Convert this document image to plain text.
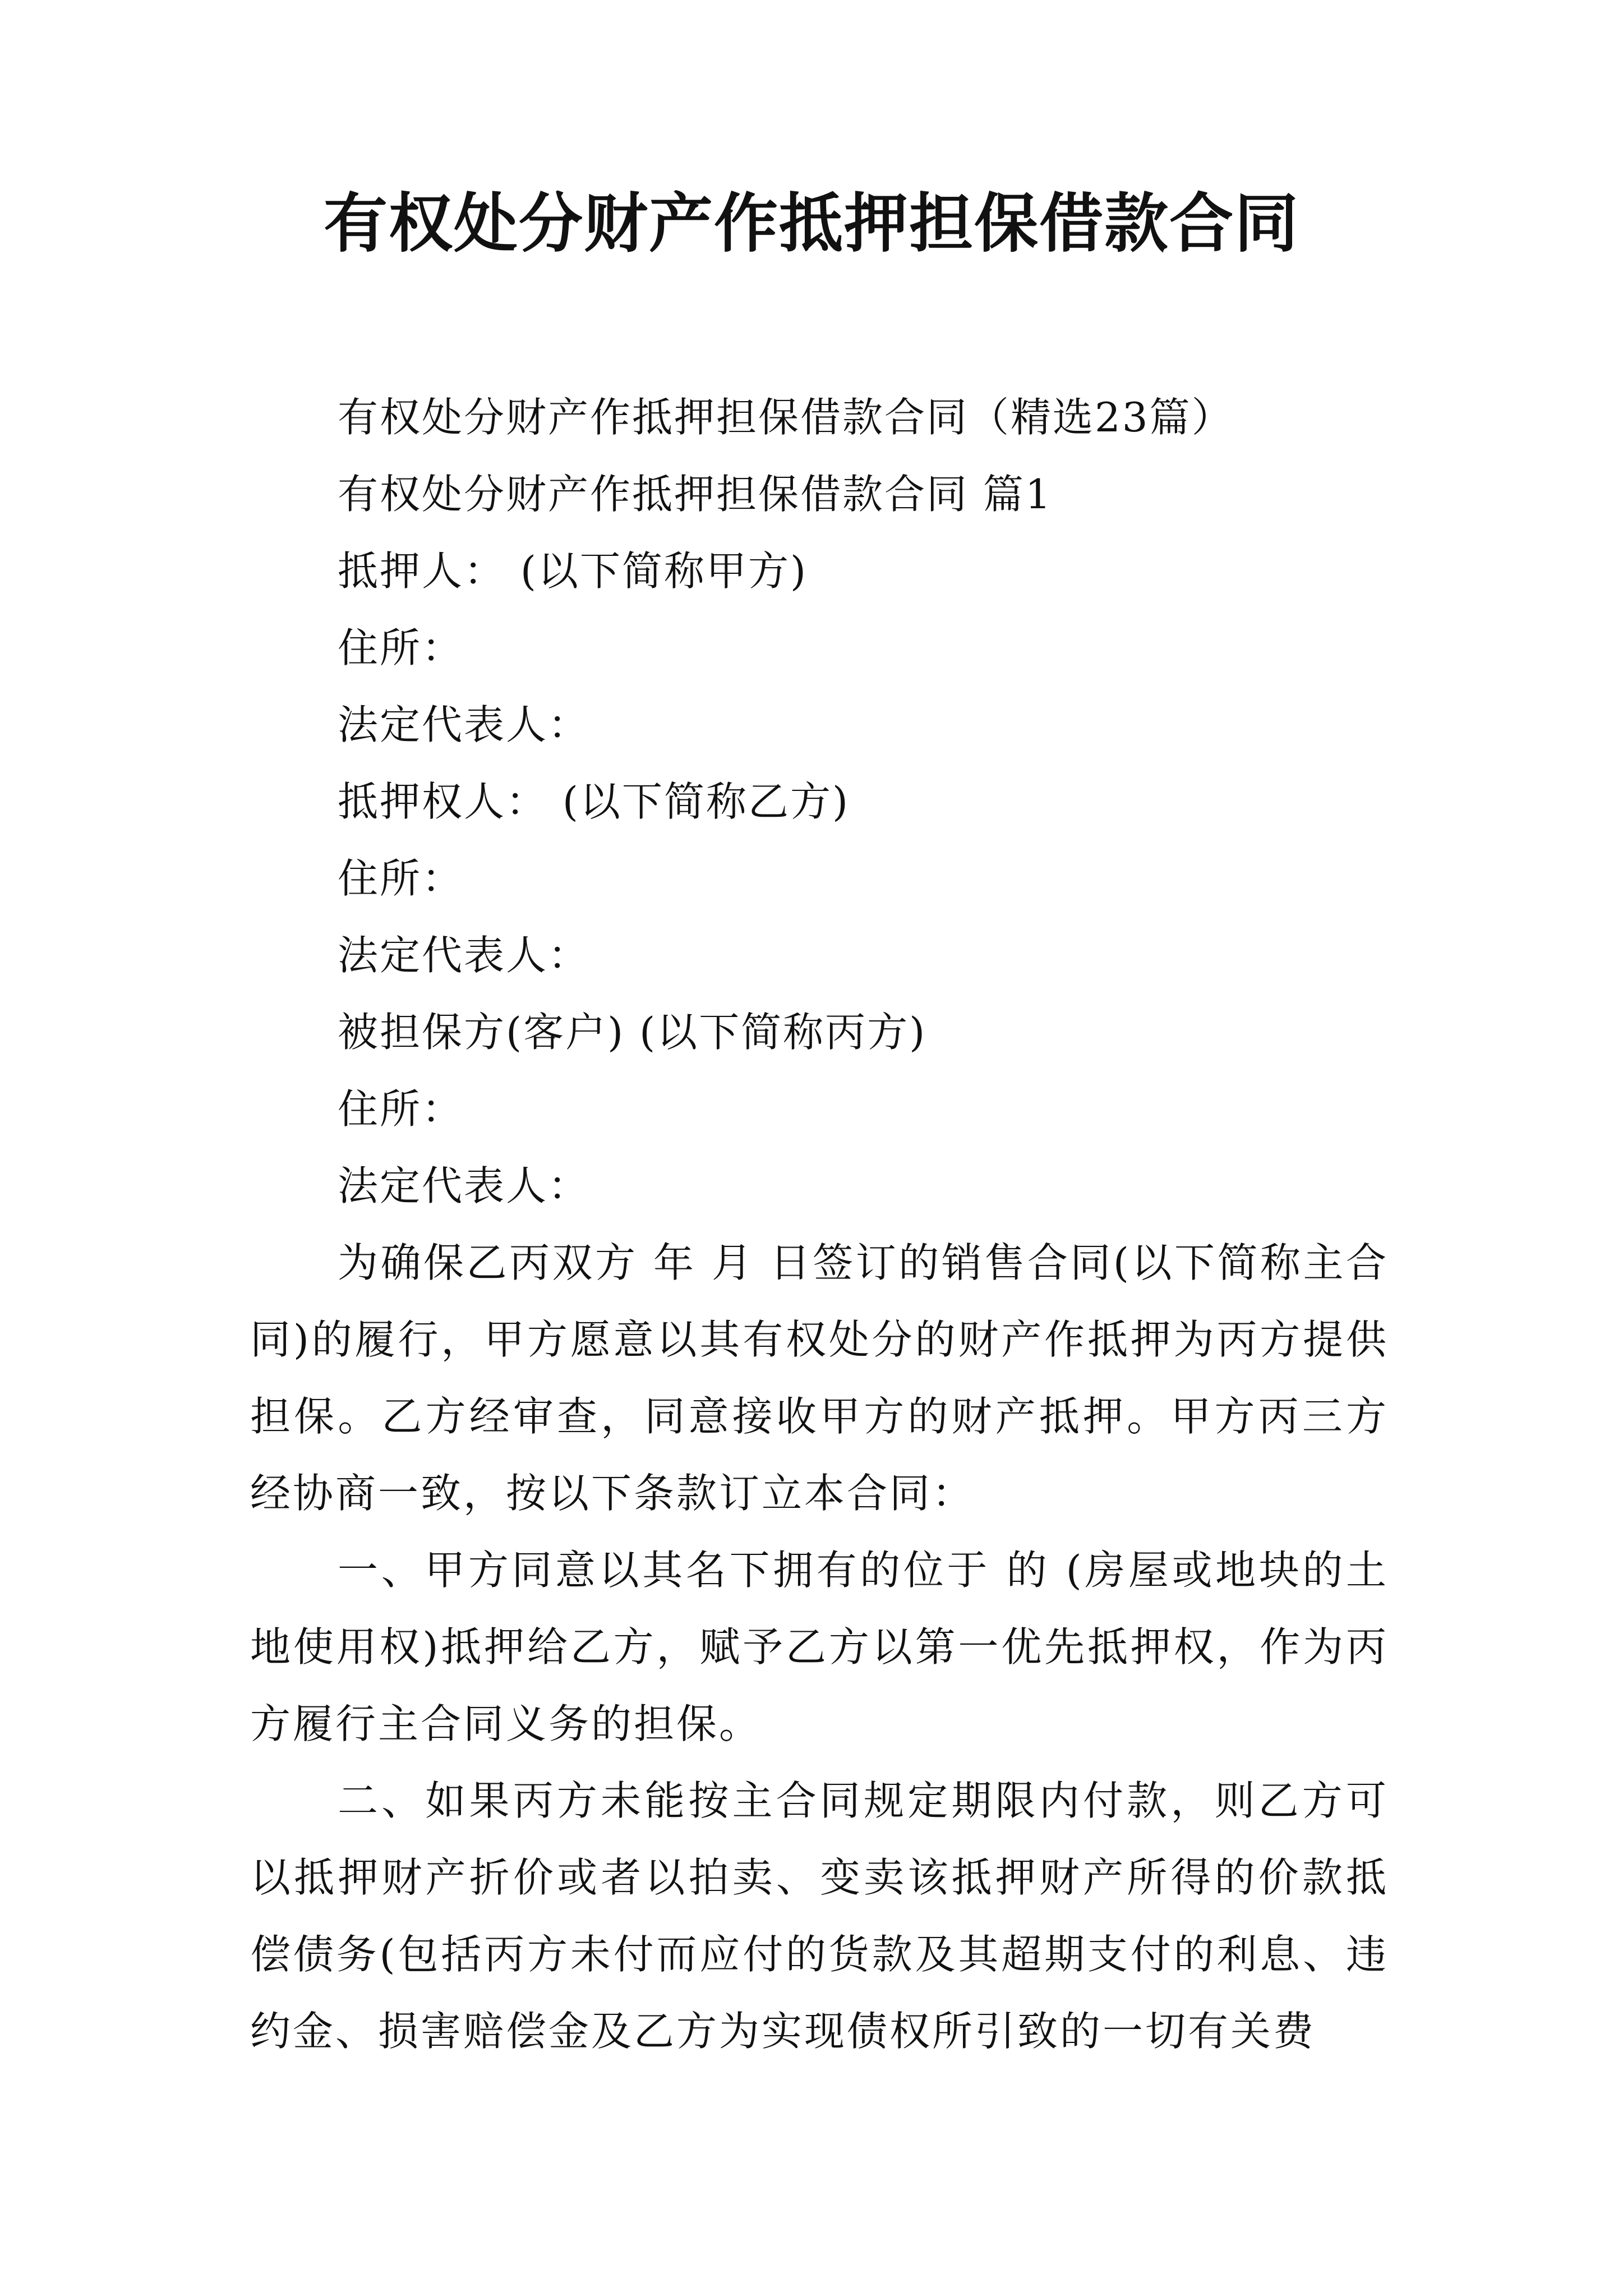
有权处分财产作抵押担保借款合同

有权处分财产作抵押担保借款合同（精选23篇）

有权处分财产作抵押担保借款合同 篇1

抵押人： (以下简称甲方)

住所：

法定代表人：

抵押权人： (以下简称乙方)

住所：

法定代表人：

被担保方(客户) (以下简称丙方)

住所：

法定代表人：

为确保乙丙双方 年 月 日签订的销售合同(以下简称主合同)的履行，甲方愿意以其有权处分的财产作抵押为丙方提供担保。乙方经审查，同意接收甲方的财产抵押。甲方丙三方经协商一致，按以下条款订立本合同：

一、甲方同意以其名下拥有的位于 的 (房屋或地块的土地使用权)抵押给乙方，赋予乙方以第一优先抵押权，作为丙方履行主合同义务的担保。

二、如果丙方未能按主合同规定期限内付款，则乙方可以抵押财产折价或者以拍卖、变卖该抵押财产所得的价款抵偿债务(包括丙方未付而应付的货款及其超期支付的利息、违约金、损害赔偿金及乙方为实现债权所引致的一切有关费
